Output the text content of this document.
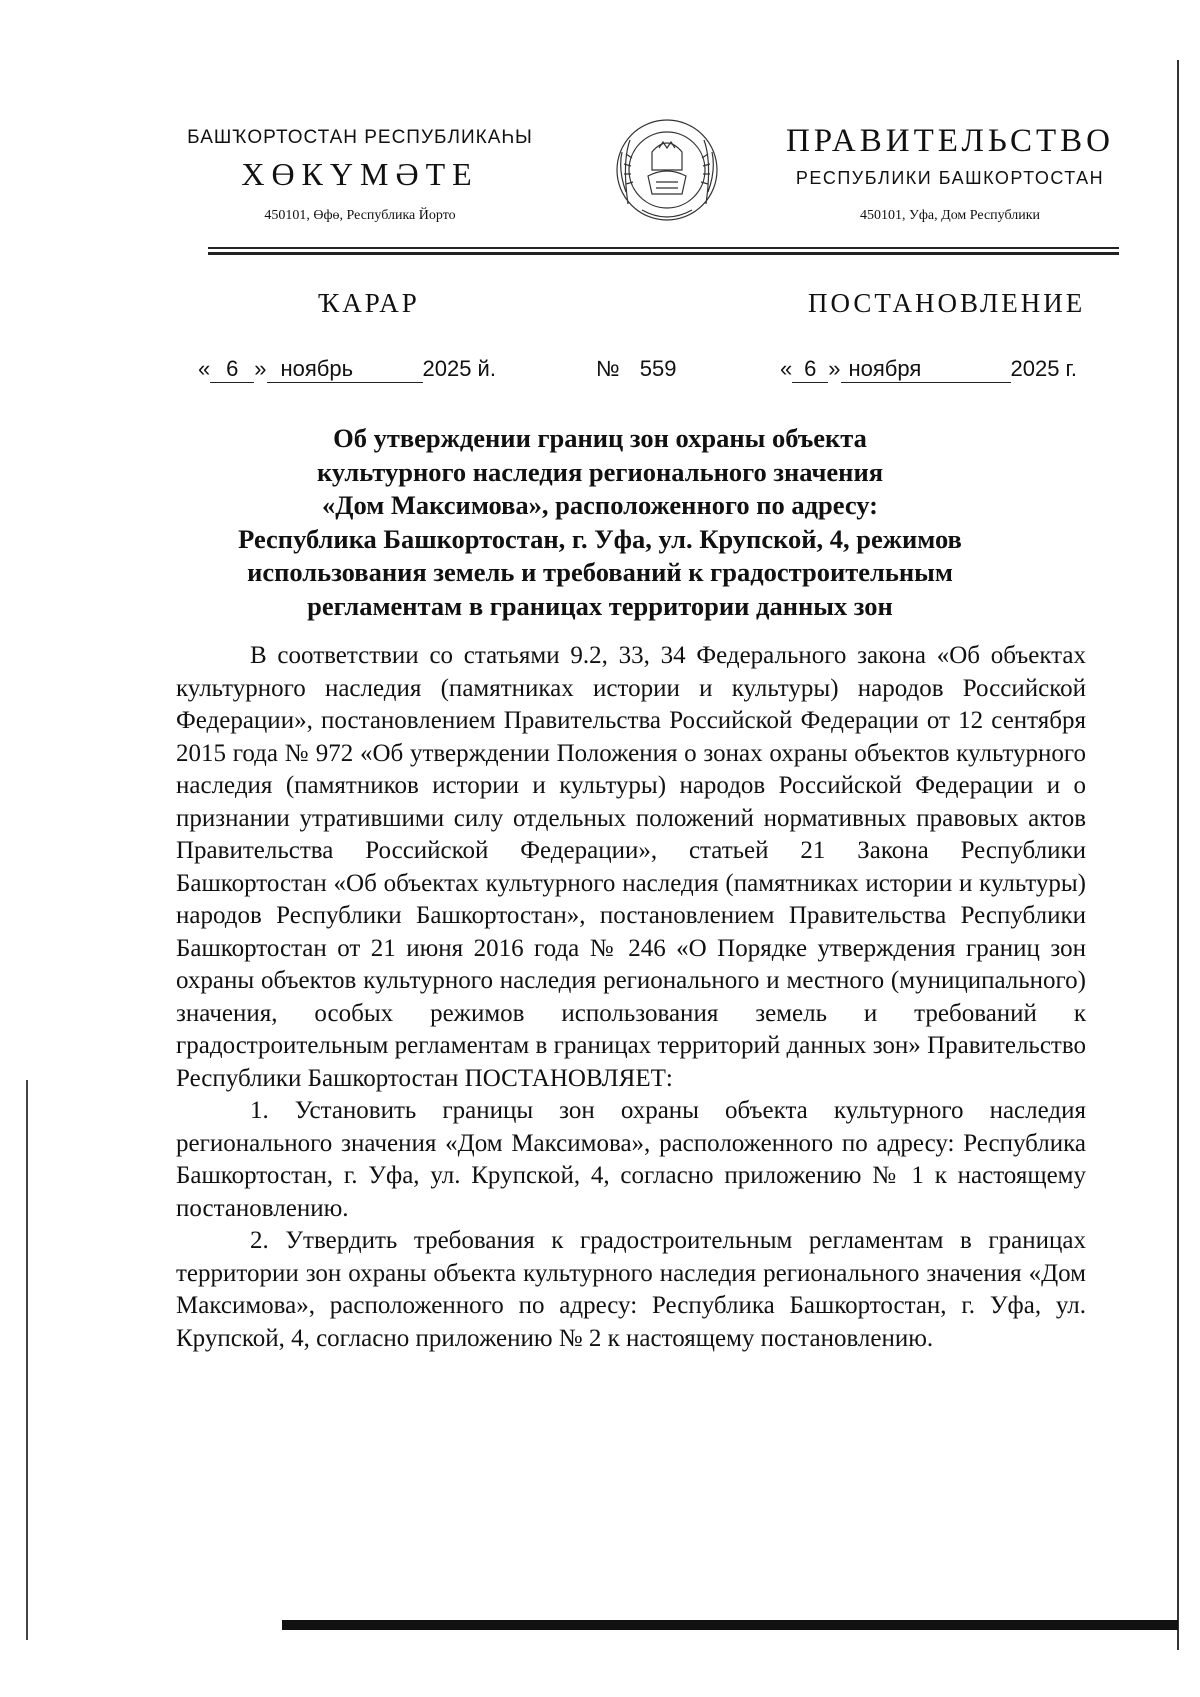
БАШҠОРТОСТАН РЕСПУБЛИКАҺЫ
ХӨКҮМӘТЕ
450101, Өфө, Республика Йорто
ПРАВИТЕЛЬСТВО
РЕСПУБЛИКИ БАШКОРТОСТАН
450101, Уфа, Дом Республики
ҠАРАР	ПОСТАНОВЛЕНИЕ
« 6 » ноябрь	2025 й.	№ 559	« 6 » ноября	2025 г.
Об утверждении границ зон охраны объекта
культурного наследия регионального значения
«Дом Максимова», расположенного по адресу:
Республика Башкортостан, г. Уфа, ул. Крупской, 4, режимов
использования земель и требований к градостроительным
регламентам в границах территории данных зон

В соответствии со статьями 9.2, 33, 34 Федерального закона «Об объектах культурного наследия (памятниках истории и культуры) народов Российской Федерации», постановлением Правительства Российской Федерации от 12 сентября 2015 года № 972 «Об утверждении Положения о зонах охраны объектов культурного наследия (памятников истории и культуры) народов Российской Федерации и о признании утратившими силу отдельных положений нормативных правовых актов Правительства Российской Федерации», статьей 21 Закона Республики Башкортостан «Об объектах культурного наследия (памятниках истории и культуры) народов Республики Башкортостан», постановлением Правительства Республики Башкортостан от 21 июня 2016 года № 246 «О Порядке утверждения границ зон охраны объектов культурного наследия регионального и местного (муниципального) значения, особых режимов использования земель и требований к градостроительным регламентам в границах территорий данных зон» Правительство Республики Башкортостан ПОСТАНОВЛЯЕТ:

1. Установить границы зон охраны объекта культурного наследия регионального значения «Дом Максимова», расположенного по адресу: Республика Башкортостан, г. Уфа, ул. Крупской, 4, согласно приложению № 1 к настоящему постановлению.

2. Утвердить требования к градостроительным регламентам в границах территории зон охраны объекта культурного наследия регионального значения «Дом Максимова», расположенного по адресу: Республика Башкортостан, г. Уфа, ул. Крупской, 4, согласно приложению № 2 к настоящему постановлению.
